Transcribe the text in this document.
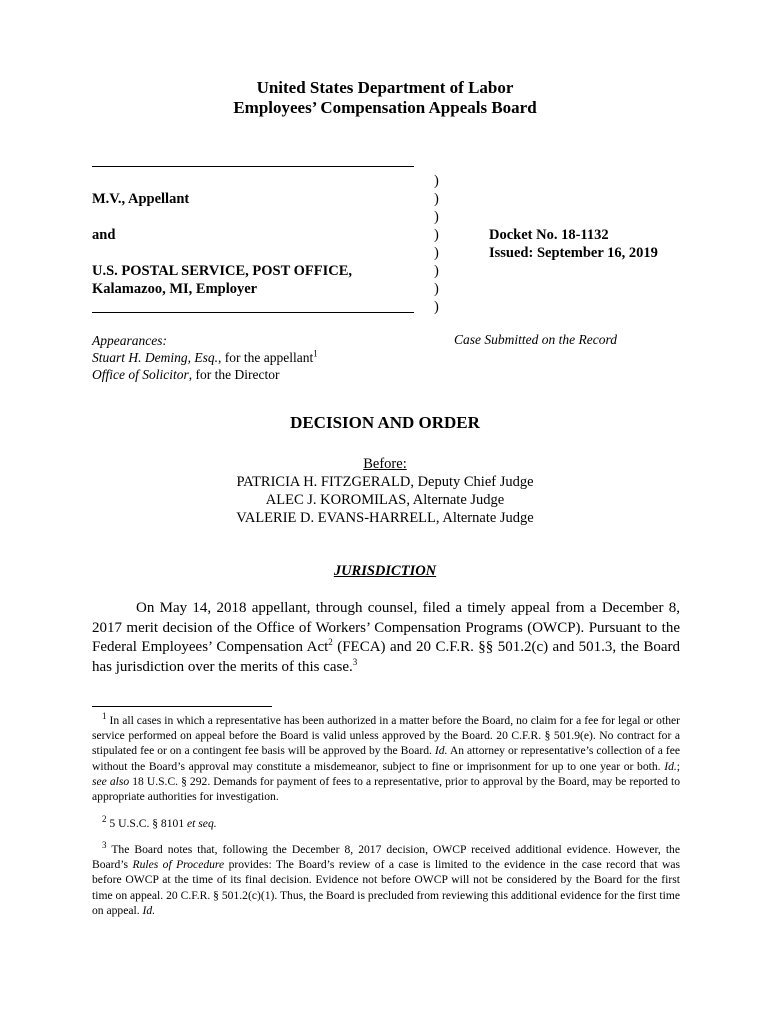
United States Department of Labor
Employees’ Compensation Appeals Board
M.V., Appellant
and
U.S. POSTAL SERVICE, POST OFFICE,
Kalamazoo, MI, Employer
)
)
)
)
)
)
)
)
Docket No. 18-1132
Issued: September 16, 2019
Appearances:
Stuart H. Deming, Esq., for the appellant$^1$
Office of Solicitor, for the Director
Case Submitted on the Record
DECISION AND ORDER
Before:
PATRICIA H. FITZGERALD, Deputy Chief Judge
ALEC J. KOROMILAS, Alternate Judge
VALERIE D. EVANS-HARRELL, Alternate Judge
JURISDICTION
On May 14, 2018 appellant, through counsel, filed a timely appeal from a December 8, 2017 merit decision of the Office of Workers’ Compensation Programs (OWCP). Pursuant to the Federal Employees’ Compensation Act$^2$ (FECA) and 20 C.F.R. §§ 501.2(c) and 501.3, the Board has jurisdiction over the merits of this case.$^3$
$^1$ In all cases in which a representative has been authorized in a matter before the Board, no claim for a fee for legal or other service performed on appeal before the Board is valid unless approved by the Board. 20 C.F.R. § 501.9(e). No contract for a stipulated fee or on a contingent fee basis will be approved by the Board. Id. An attorney or representative’s collection of a fee without the Board’s approval may constitute a misdemeanor, subject to fine or imprisonment for up to one year or both. Id.; see also 18 U.S.C. § 292. Demands for payment of fees to a representative, prior to approval by the Board, may be reported to appropriate authorities for investigation.
$^2$ 5 U.S.C. § 8101 et seq.
$^3$ The Board notes that, following the December 8, 2017 decision, OWCP received additional evidence. However, the Board’s Rules of Procedure provides: The Board’s review of a case is limited to the evidence in the case record that was before OWCP at the time of its final decision. Evidence not before OWCP will not be considered by the Board for the first time on appeal. 20 C.F.R. § 501.2(c)(1). Thus, the Board is precluded from reviewing this additional evidence for the first time on appeal. Id.
